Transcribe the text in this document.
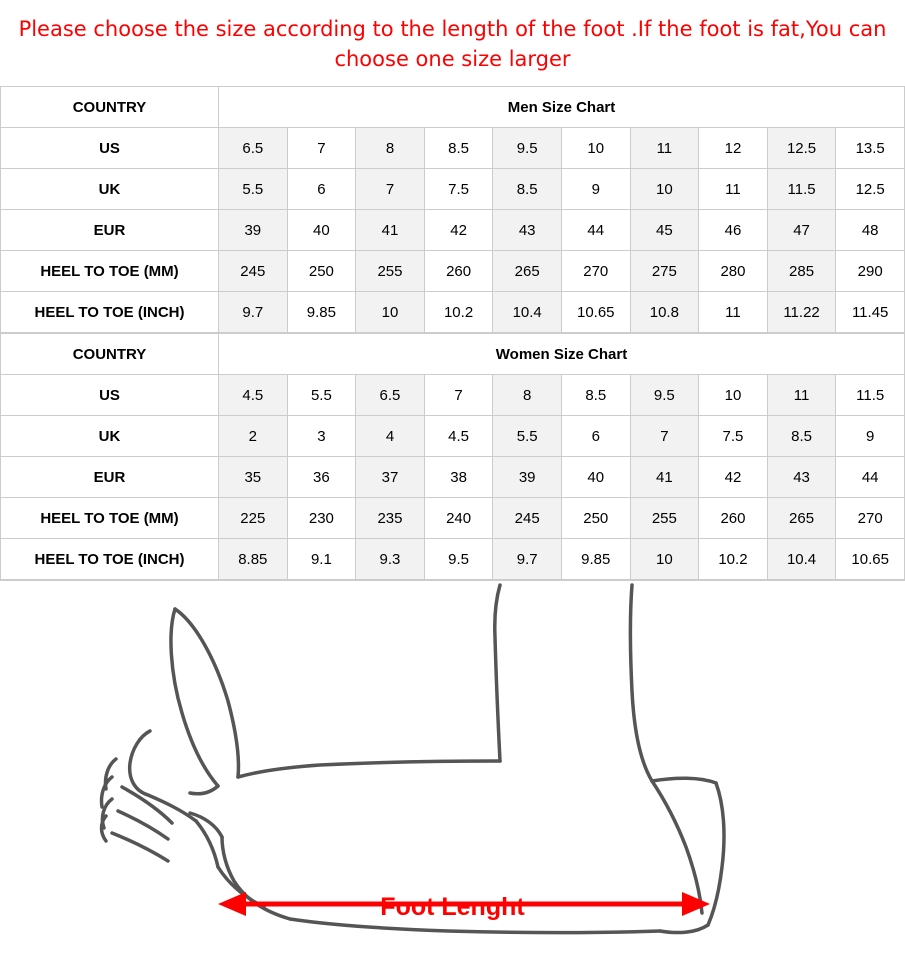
Please choose the size according to the length of the foot .If the foot is fat,You can choose one size larger
COUNTRY	Men Size Chart									
US	6.5	7	8	8.5	9.5	10	11	12	12.5	13.5
UK	5.5	6	7	7.5	8.5	9	10	11	11.5	12.5
EUR	39	40	41	42	43	44	45	46	47	48
HEEL TO TOE (MM)	245	250	255	260	265	270	275	280	285	290
HEEL TO TOE (INCH)	9.7	9.85	10	10.2	10.4	10.65	10.8	11	11.22	11.45
COUNTRY	Women Size Chart									
US	4.5	5.5	6.5	7	8	8.5	9.5	10	11	11.5
UK	2	3	4	4.5	5.5	6	7	7.5	8.5	9
EUR	35	36	37	38	39	40	41	42	43	44
HEEL TO TOE (MM)	225	230	235	240	245	250	255	260	265	270
HEEL TO TOE (INCH)	8.85	9.1	9.3	9.5	9.7	9.85	10	10.2	10.4	10.65
Foot Lenght
